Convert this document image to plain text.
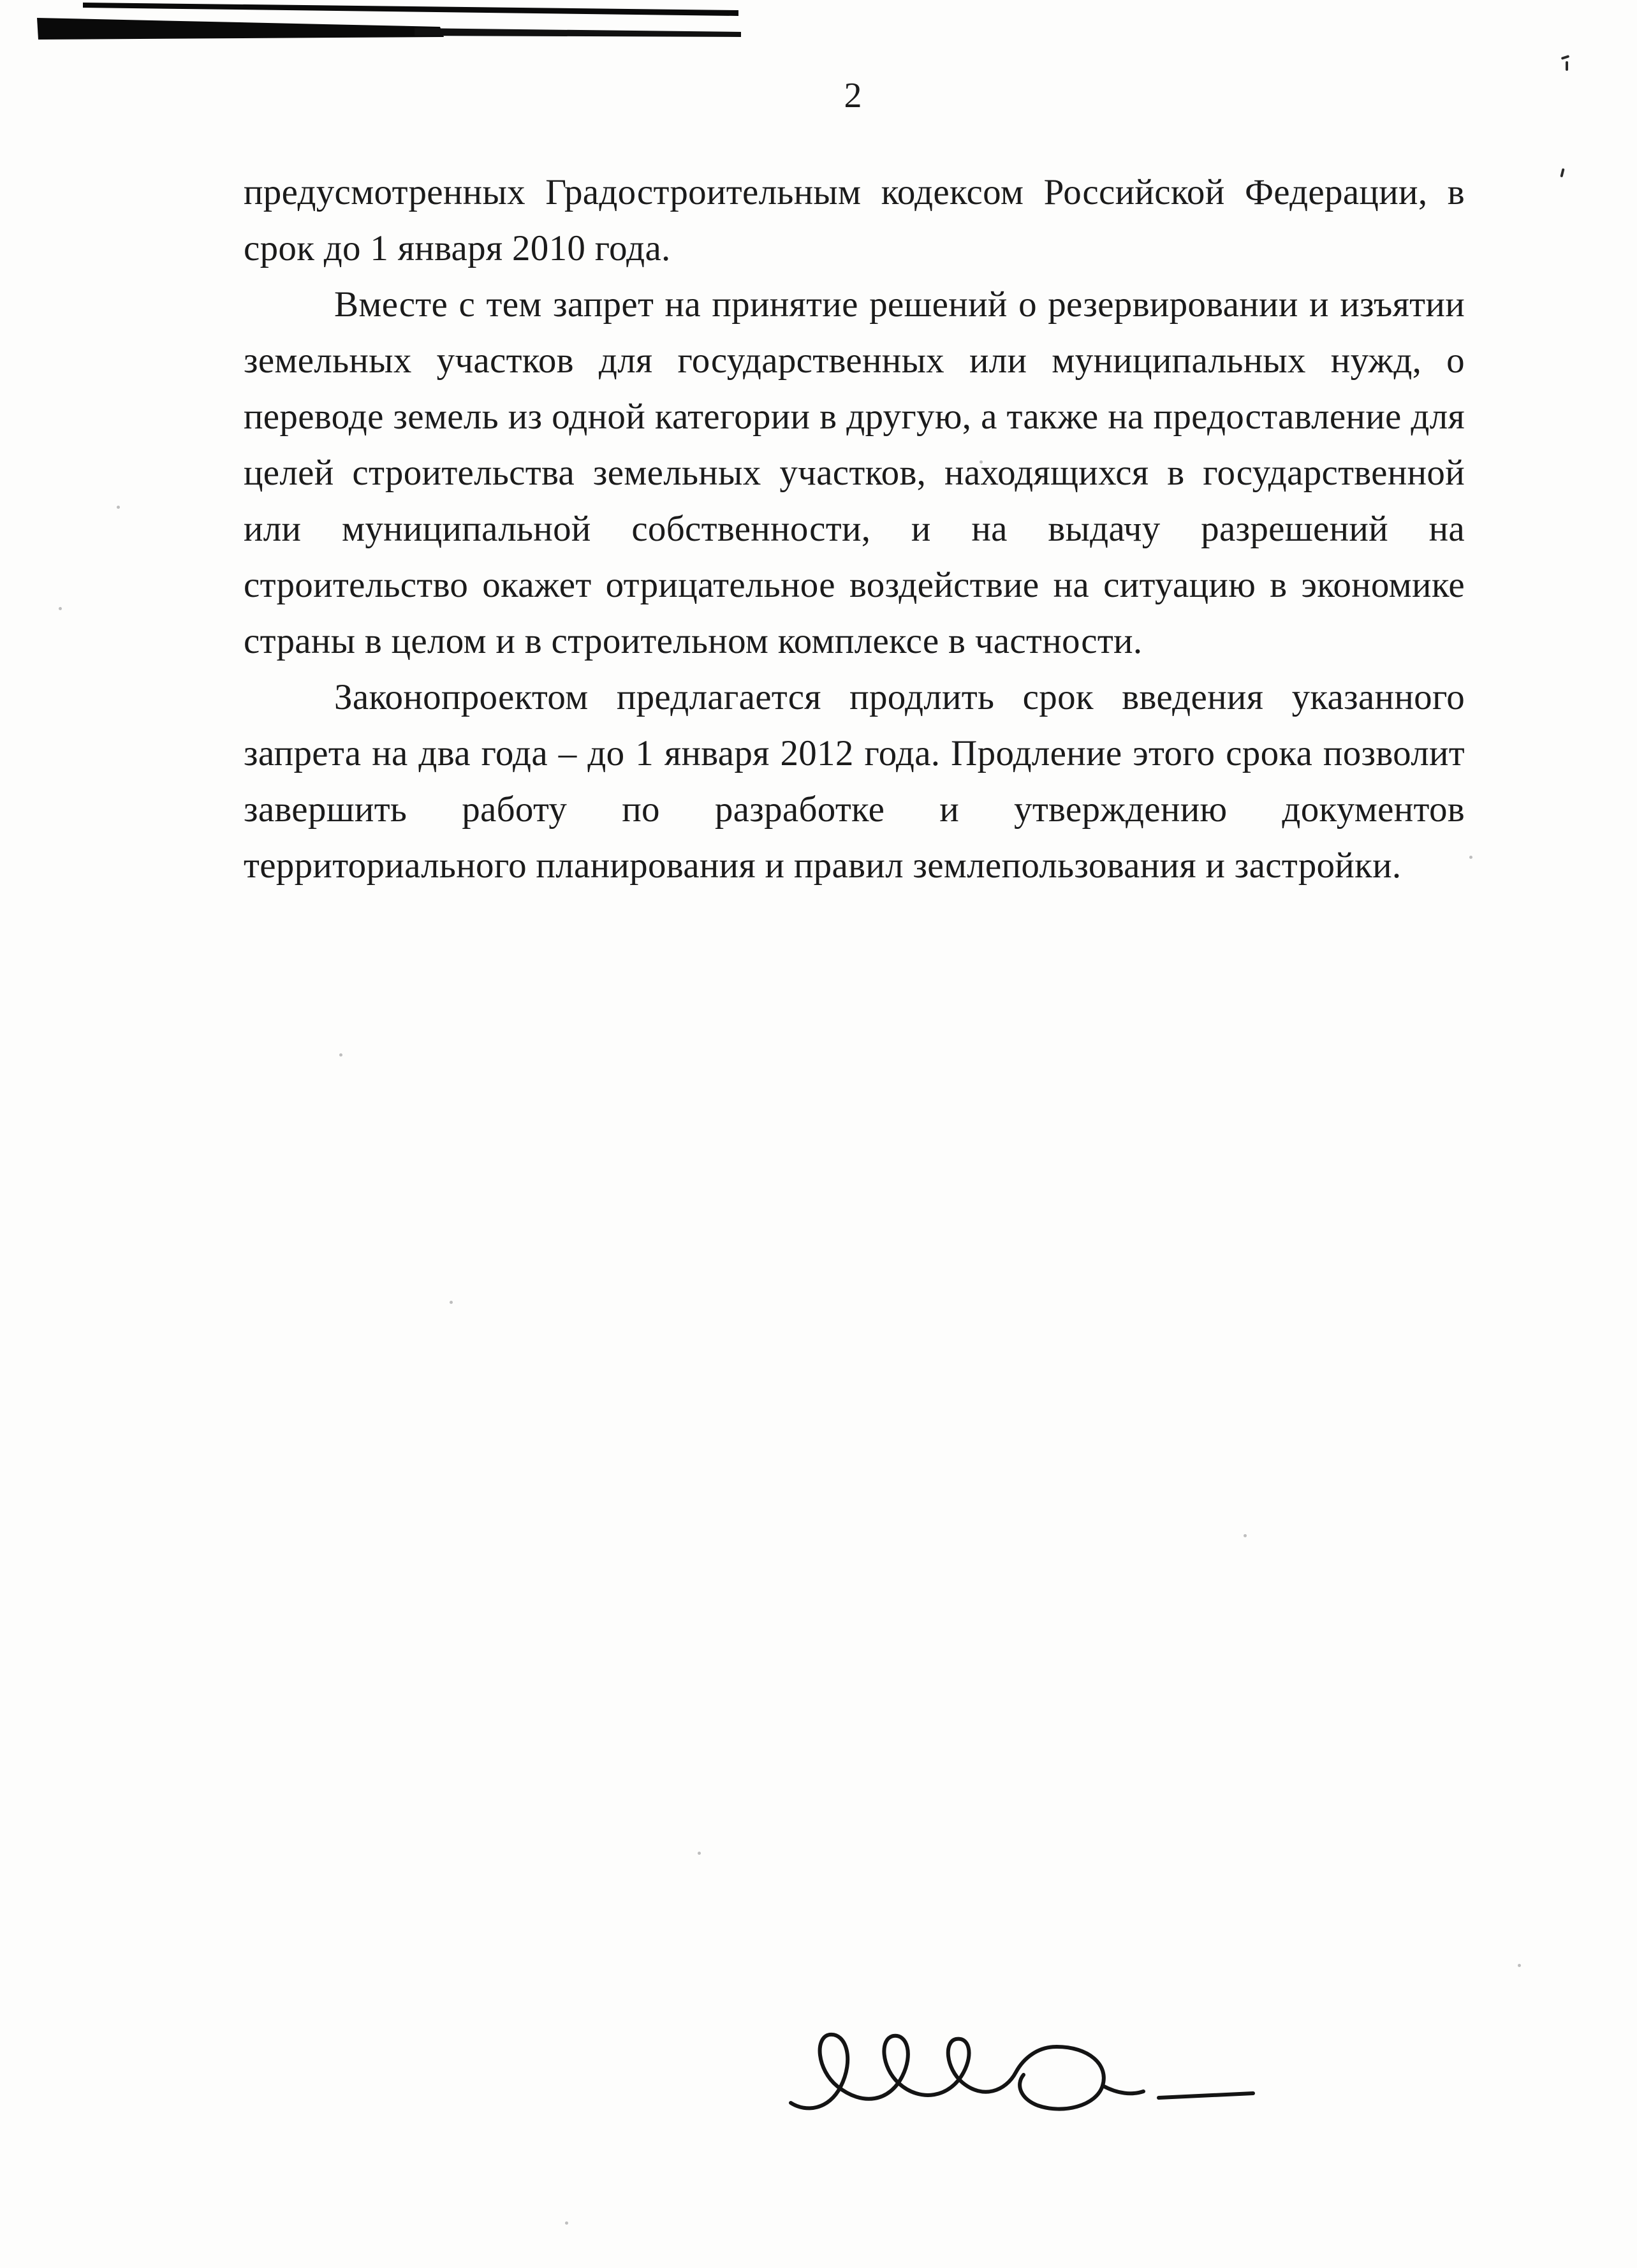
2

предусмотренных Градостроительным кодексом Российской Федерации, в срок до 1 января 2010 года.

Вместе с тем запрет на принятие решений о резервировании и изъятии земельных участков для государственных или муниципальных нужд, о переводе земель из одной категории в другую, а также на предоставление для целей строительства земельных участков, находящихся в государственной или муниципальной собственности, и на выдачу разрешений на строительство окажет отрицательное воздействие на ситуацию в экономике страны в целом и в строительном комплексе в частности.

Законопроектом предлагается продлить срок введения указанного запрета на два года – до 1 января 2012 года. Продление этого срока позволит завершить работу по разработке и утверждению документов территориального планирования и правил землепользования и застройки.
